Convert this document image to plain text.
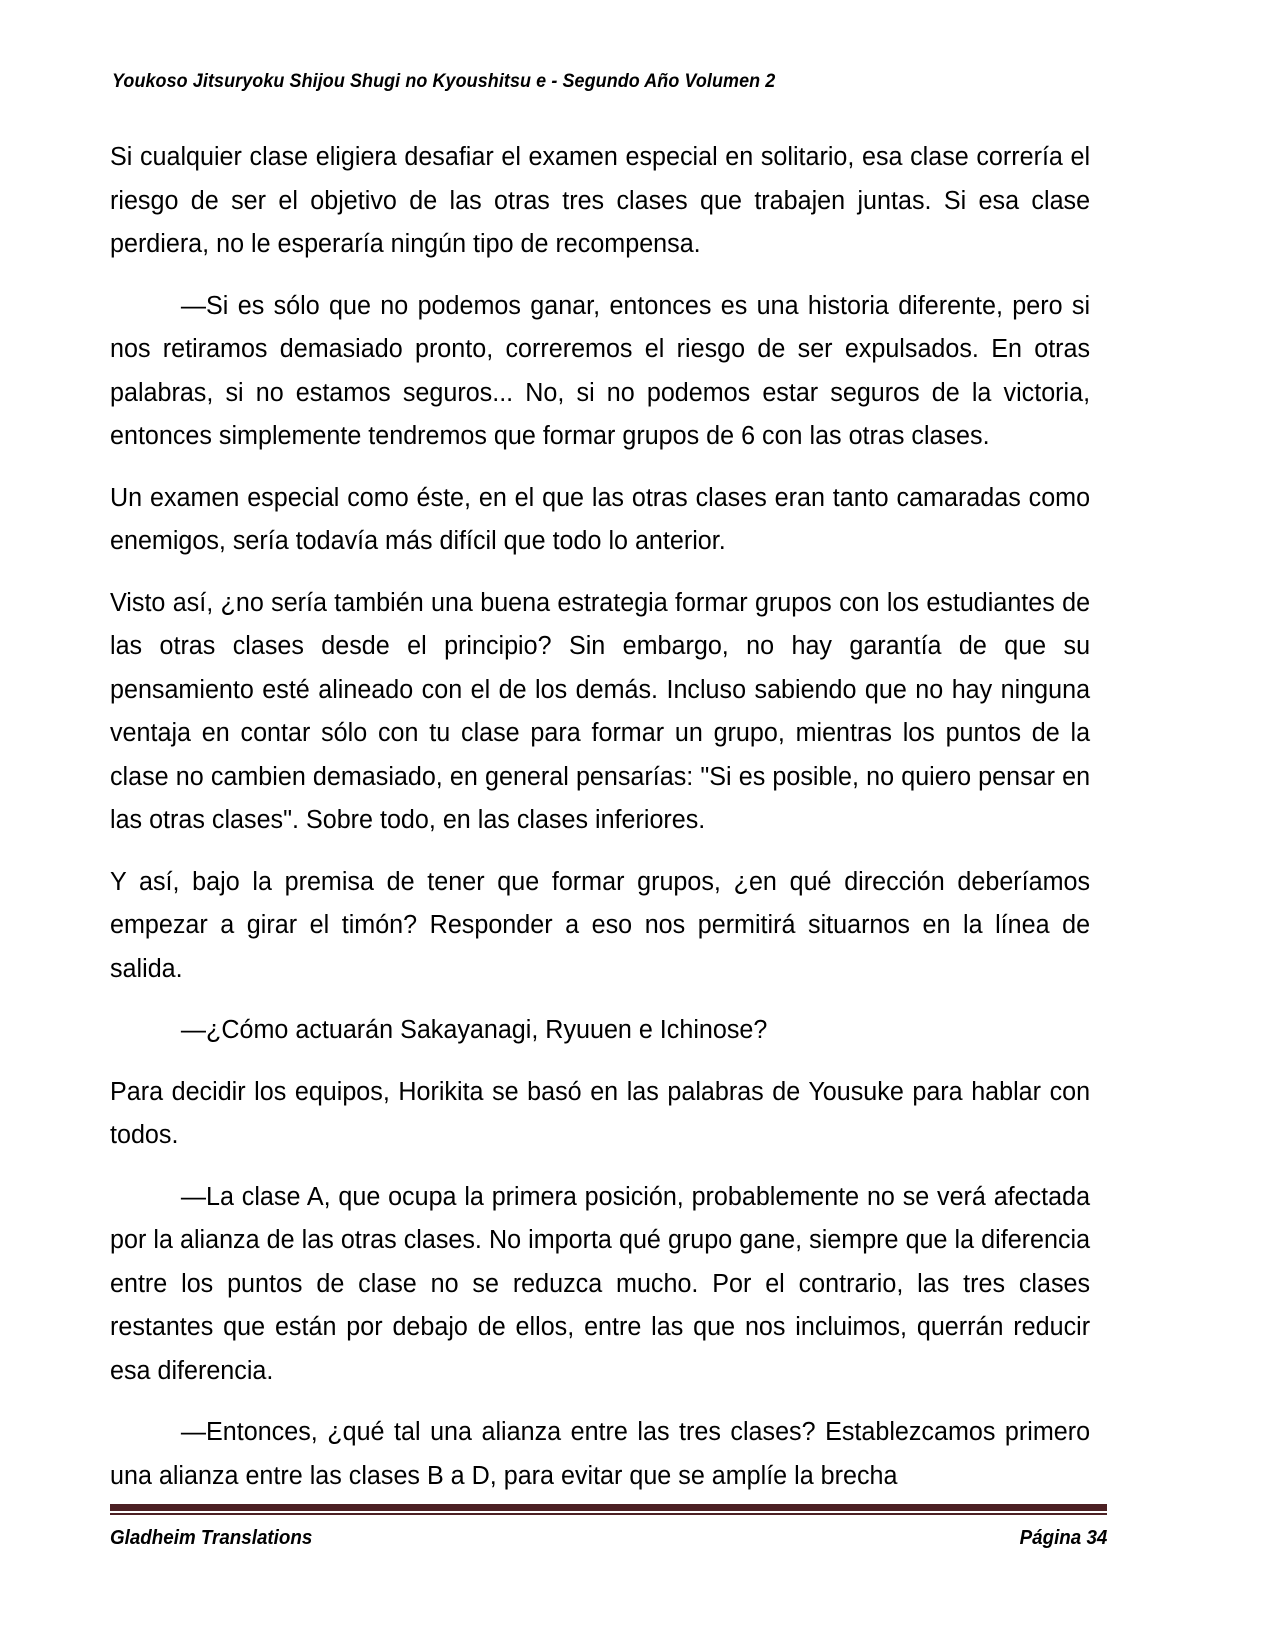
Youkoso Jitsuryoku Shijou Shugi no Kyoushitsu e - Segundo Año Volumen 2

Si cualquier clase eligiera desafiar el examen especial en solitario, esa clase correría el riesgo de ser el objetivo de las otras tres clases que trabajen juntas. Si esa clase perdiera, no le esperaría ningún tipo de recompensa.

—Si es sólo que no podemos ganar, entonces es una historia diferente, pero si nos retiramos demasiado pronto, correremos el riesgo de ser expulsados. En otras palabras, si no estamos seguros... No, si no podemos estar seguros de la victoria, entonces simplemente tendremos que formar grupos de 6 con las otras clases.

Un examen especial como éste, en el que las otras clases eran tanto camaradas como enemigos, sería todavía más difícil que todo lo anterior.

Visto así, ¿no sería también una buena estrategia formar grupos con los estudiantes de las otras clases desde el principio? Sin embargo, no hay garantía de que su pensamiento esté alineado con el de los demás. Incluso sabiendo que no hay ninguna ventaja en contar sólo con tu clase para formar un grupo, mientras los puntos de la clase no cambien demasiado, en general pensarías: "Si es posible, no quiero pensar en las otras clases". Sobre todo, en las clases inferiores.

Y así, bajo la premisa de tener que formar grupos, ¿en qué dirección deberíamos empezar a girar el timón? Responder a eso nos permitirá situarnos en la línea de salida.

—¿Cómo actuarán Sakayanagi, Ryuuen e Ichinose?

Para decidir los equipos, Horikita se basó en las palabras de Yousuke para hablar con todos.

—La clase A, que ocupa la primera posición, probablemente no se verá afectada por la alianza de las otras clases. No importa qué grupo gane, siempre que la diferencia entre los puntos de clase no se reduzca mucho. Por el contrario, las tres clases restantes que están por debajo de ellos, entre las que nos incluimos, querrán reducir esa diferencia.

—Entonces, ¿qué tal una alianza entre las tres clases? Establezcamos primero una alianza entre las clases B a D, para evitar que se amplíe la brecha

Gladheim Translations	Página 34
